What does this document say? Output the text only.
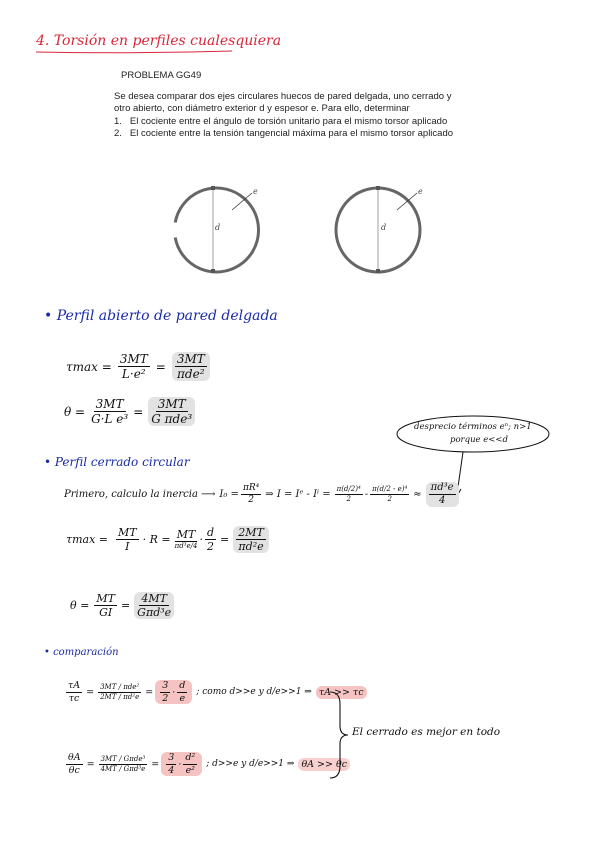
4. Torsión en perfiles cualesquiera
PROBLEMA GG49
Se desea comparar dos ejes circulares huecos de pared delgada, uno cerrado y
otro abierto, con diámetro exterior d y espesor e. Para ello, determinar
1. El cociente entre el ángulo de torsión unitario para el mismo torsor aplicado
2. El cociente entre la tensión tangencial máxima para el mismo torsor aplicado
d
e
d
e
• Perfil abierto de pared delgada
$\tau\max = \frac{3MT}{\text{L·e²}} = \frac{3MT}{\text{πde²}}$
$\theta = \frac{3MT}{\text{G·L e³}} = \frac{3MT}{\text{G πde³}}$
desprecio términos eⁿ; n>1
porque e<<d
• Perfil cerrado circular
Primero, calculo la inercia ⟶ $I_0 = \frac{\text{πR⁴}}{2}$ ⇒ I = Iᵉ - $I^i = \frac{\text{π(d/2)⁴}}{2} - \frac{\text{π(d/2 - e)⁴}}{2} \approx \frac{\text{πd³e}}{4}$
$\tau\max = \frac{MT}{I} \cdot R = \frac{MT}{\text{πd³e/4}} \cdot \frac{d}{2} = \frac{2MT}{\text{πd²e}}$
$\theta = \frac{MT}{GI} = \frac{4MT}{\text{Gπd³e}}$
• comparación
$\frac{\tau A}{\tau c} = \frac{\text{3MT / πde²}}{\text{2MT / πd²e}} = \frac{3}{2} \cdot \frac{d}{e}$ ; como d>>e y d/e>>1 ⇒ τA >> τc
$\frac{\theta A}{\theta c} = \frac{\text{3MT / Gπde³}}{\text{4MT / Gπd³e}} = \frac{3}{4} \cdot \frac{\text{d²}}{\text{e²}}$ ; d>>e y d/e>>1 ⇒ θA >> θc
El cerrado es mejor en todo
